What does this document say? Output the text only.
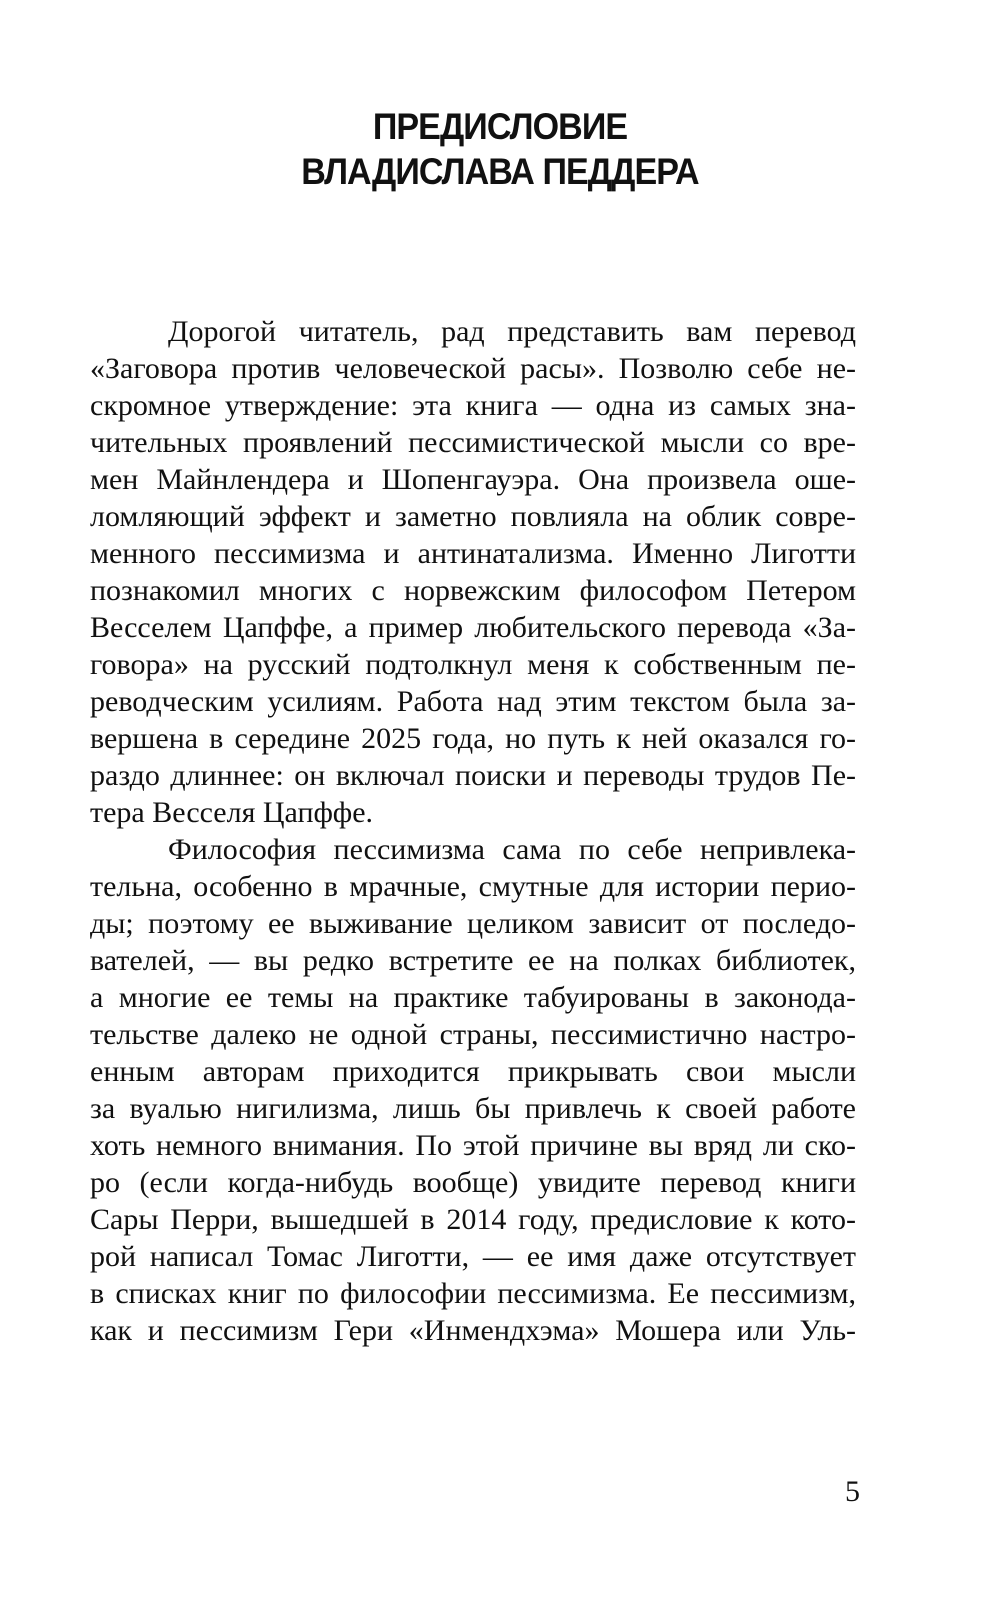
ПРЕДИСЛОВИЕ
ВЛАДИСЛАВА ПЕДДЕРА
Дорогой читатель, рад представить вам перевод
«Заговора против человеческой расы». Позволю себе не-
скромное утверждение: эта книга — одна из самых зна-
чительных проявлений пессимистической мысли со вре-
мен Майнлендера и Шопенгауэра. Она произвела оше-
ломляющий эффект и заметно повлияла на облик совре-
менного пессимизма и антинатализма. Именно Лиготти
познакомил многих с норвежским философом Петером
Весселем Цапффе, а пример любительского перевода «За-
говора» на русский подтолкнул меня к собственным пе-
реводческим усилиям. Работа над этим текстом была за-
вершена в середине 2025 года, но путь к ней оказался го-
раздо длиннее: он включал поиски и переводы трудов Пе-
тера Весселя Цапффе.
Философия пессимизма сама по себе непривлека-
тельна, особенно в мрачные, смутные для истории перио-
ды; поэтому ее выживание целиком зависит от последо-
вателей, — вы редко встретите ее на полках библиотек,
а многие ее темы на практике табуированы в законода-
тельстве далеко не одной страны, пессимистично настро-
енным авторам приходится прикрывать свои мысли
за вуалью нигилизма, лишь бы привлечь к своей работе
хоть немного внимания. По этой причине вы вряд ли ско-
ро (если когда-нибудь вообще) увидите перевод книги
Сары Перри, вышедшей в 2014 году, предисловие к кото-
рой написал Томас Лиготти, — ее имя даже отсутствует
в списках книг по философии пессимизма. Ее пессимизм,
как и пессимизм Гери «Инмендхэма» Мошера или Уль-
5
